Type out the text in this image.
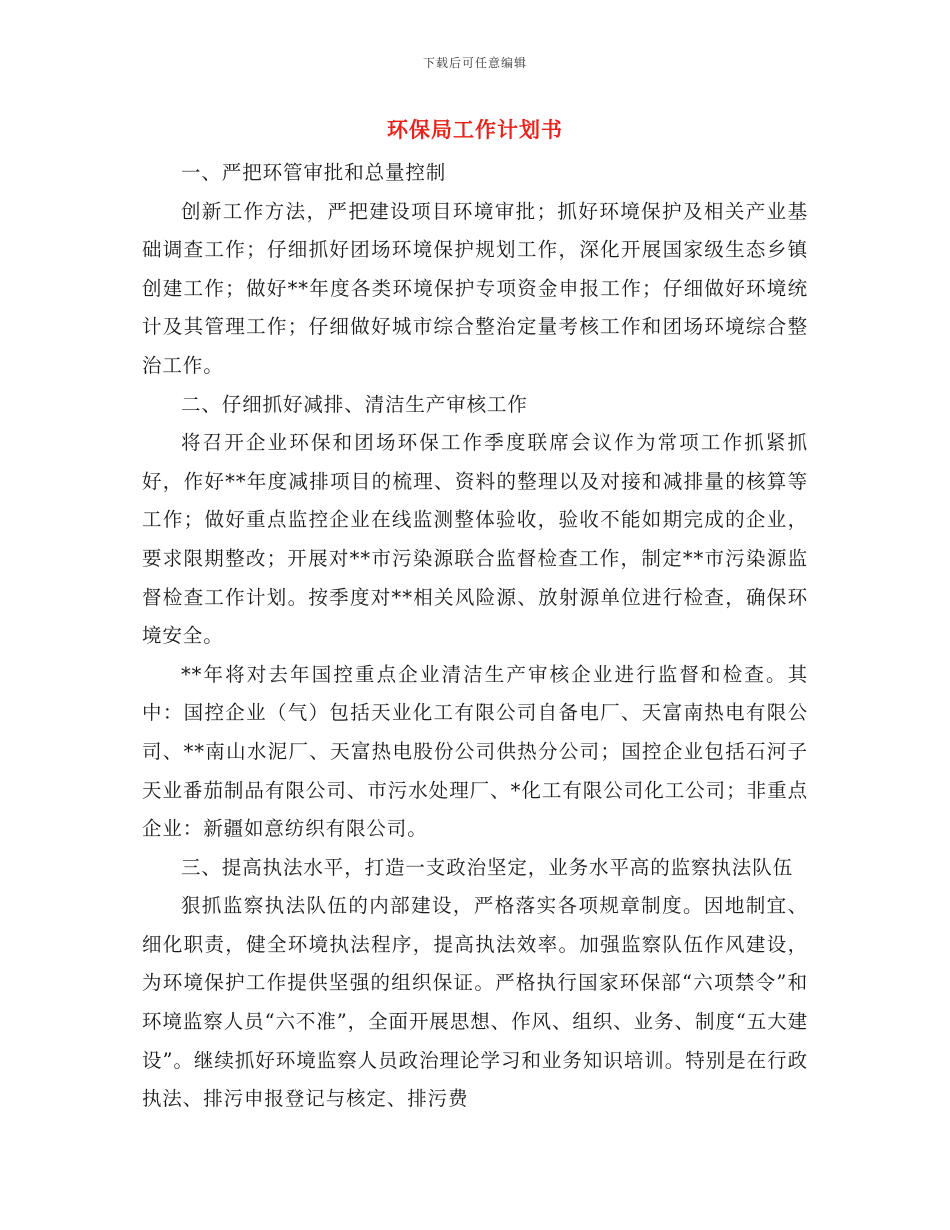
下载后可任意编辑
环保局工作计划书

一、严把环管审批和总量控制

创新工作方法，严把建设项目环境审批；抓好环境保护及相关产业基础调查工作；仔细抓好团场环境保护规划工作，深化开展国家级生态乡镇创建工作；做好**年度各类环境保护专项资金申报工作；仔细做好环境统计及其管理工作；仔细做好城市综合整治定量考核工作和团场环境综合整治工作。

二、仔细抓好减排、清洁生产审核工作

将召开企业环保和团场环保工作季度联席会议作为常项工作抓紧抓好，作好**年度减排项目的梳理、资料的整理以及对接和减排量的核算等工作；做好重点监控企业在线监测整体验收，验收不能如期完成的企业，要求限期整改；开展对**市污染源联合监督检查工作，制定**市污染源监督检查工作计划。按季度对**相关风险源、放射源单位进行检查，确保环境安全。

**年将对去年国控重点企业清洁生产审核企业进行监督和检查。其中：国控企业（气）包括天业化工有限公司自备电厂、天富南热电有限公司、**南山水泥厂、天富热电股份公司供热分公司；国控企业包括石河子天业番茄制品有限公司、市污水处理厂、*化工有限公司化工公司；非重点企业：新疆如意纺织有限公司。

三、提高执法水平，打造一支政治坚定，业务水平高的监察执法队伍

狠抓监察执法队伍的内部建设，严格落实各项规章制度。因地制宜、细化职责，健全环境执法程序，提高执法效率。加强监察队伍作风建设，为环境保护工作提供坚强的组织保证。严格执行国家环保部“六项禁令”和环境监察人员“六不准”，全面开展思想、作风、组织、业务、制度“五大建设”。继续抓好环境监察人员政治理论学习和业务知识培训。特别是在行政执法、排污申报登记与核定、排污费
